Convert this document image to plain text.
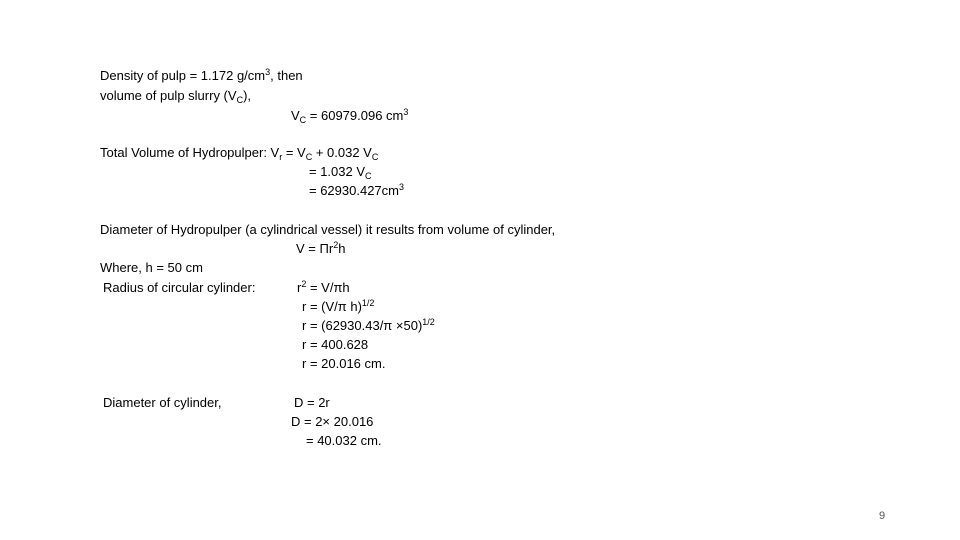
Density of pulp = 1.172 $g/cm^3$, then
volume of pulp slurry $(V_C)$,
$V_C = 60979.096$ $cm^3$
Total Volume of Hydropulper: $V_r = V_C + 0.032$ $V_C$
= 1.032 $V_C$
= $62930.427cm^3$
Diameter of Hydropulper (a cylindrical vessel) it results from volume of cylinder,
$V = \Pi r^2h$
Where, h = 50 cm
Radius of circular cylinder:	$r^2 = V/\pi h$
r = (V/π h)$^{1/2}$
$r = (62930.43/\pi \times 50)^{1/2}$
r = 400.628
r = 20.016 cm.
Diameter of cylinder,	D = 2r
D = 2× 20.016
= 40.032 cm.
9
